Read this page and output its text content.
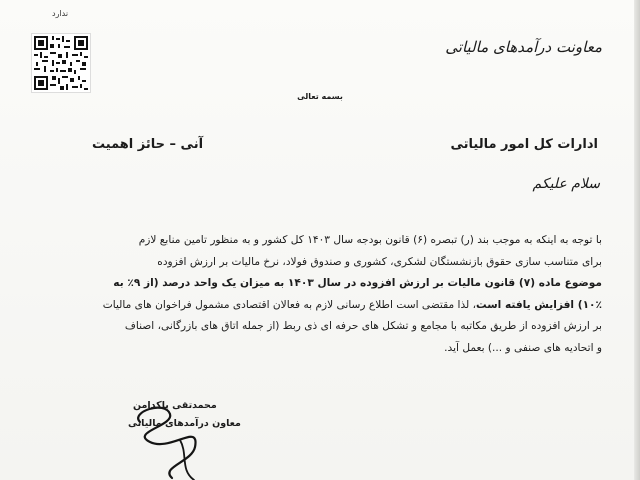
ندارد
معاونت درآمدهای مالیاتی
بسمه تعالی
ادارات کل امور مالیاتی
آنی – حائز اهمیت
سلام علیکم

با توجه به اینکه به موجب بند (ر) تبصره (۶) قانون بودجه سال ۱۴۰۳ کل کشور و به منظور تامین منابع لازم

برای متناسب سازی حقوق بازنشستگان لشکری، کشوری و صندوق فولاد، نرخ مالیات بر ارزش افزوده

موضوع ماده (۷) قانون مالیات بر ارزش افزوده در سال ۱۴۰۳ به میزان یک واحد درصد (از ۹٪ به

۱۰٪) افزایش یافته است، لذا مقتضی است اطلاع رسانی لازم به فعالان اقتصادی مشمول فراخوان های مالیات

بر ارزش افزوده از طریق مکاتبه با مجامع و تشکل های حرفه ای ذی ربط (از جمله اتاق های بازرگانی، اصناف

و اتحادیه های صنفی و ...) بعمل آید.

محمدتقی پاکدامن
معاون درآمدهای مالیاتی
